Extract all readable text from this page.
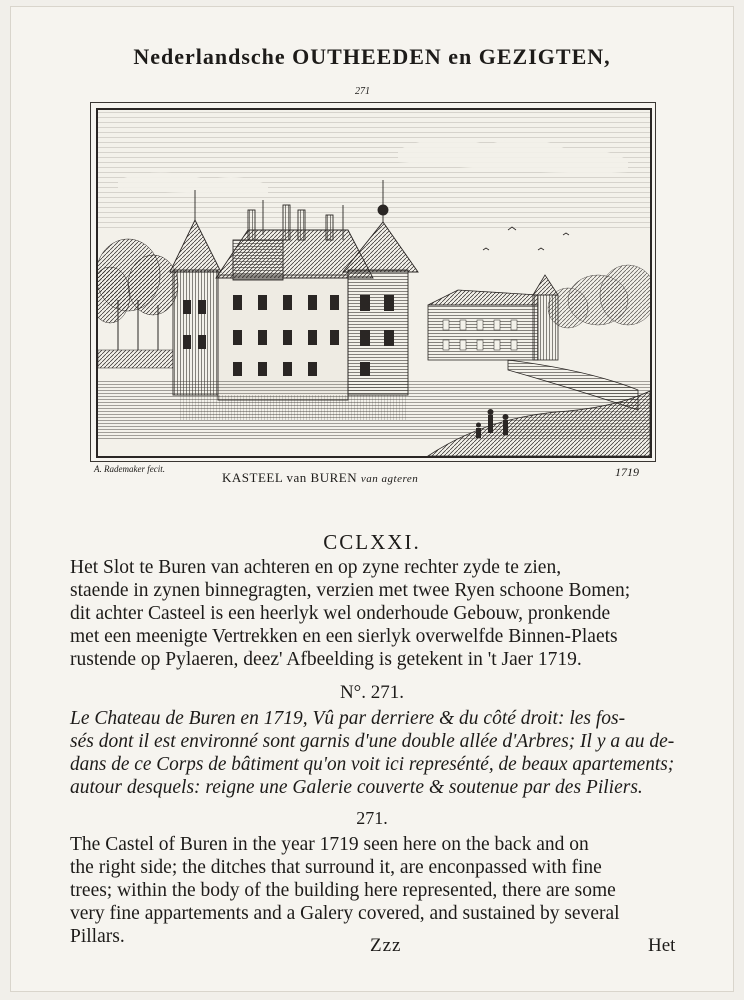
Nederlandsche OUTHEEDEN en GEZIGTEN,
271
A. Rademaker fecit.
KASTEEL van BUREN van agteren	1719
CCLXXI.
Het Slot te Buren van achteren en op zyne rechter zyde te zien,
staende in zynen binnegragten, verzien met twee Ryen schoone Bomen;
dit achter Casteel is een heerlyk wel onderhoude Gebouw, pronkende
met een meenigte Vertrekken en een sierlyk overwelfde Binnen-Plaets
rustende op Pylaeren, deez' Afbeelding is getekent in 't Jaer 1719.
N°. 271.
Le Chateau de Buren en 1719, Vû par derriere & du côté droit: les fos-
sés dont il est environné sont garnis d'une double allée d'Arbres; Il y a au de-
dans de ce Corps de bâtiment qu'on voit ici represénté, de beaux apartements;
autour desquels: reigne une Galerie couverte & soutenue par des Piliers.
271.
The Castel of Buren in the year 1719 seen here on the back and on
the right side; the ditches that surround it, are enconpassed with fine
trees; within the body of the building here represented, there are some
very fine appartements and a Galery covered, and sustained by several
Pillars.	Zzz	Het
